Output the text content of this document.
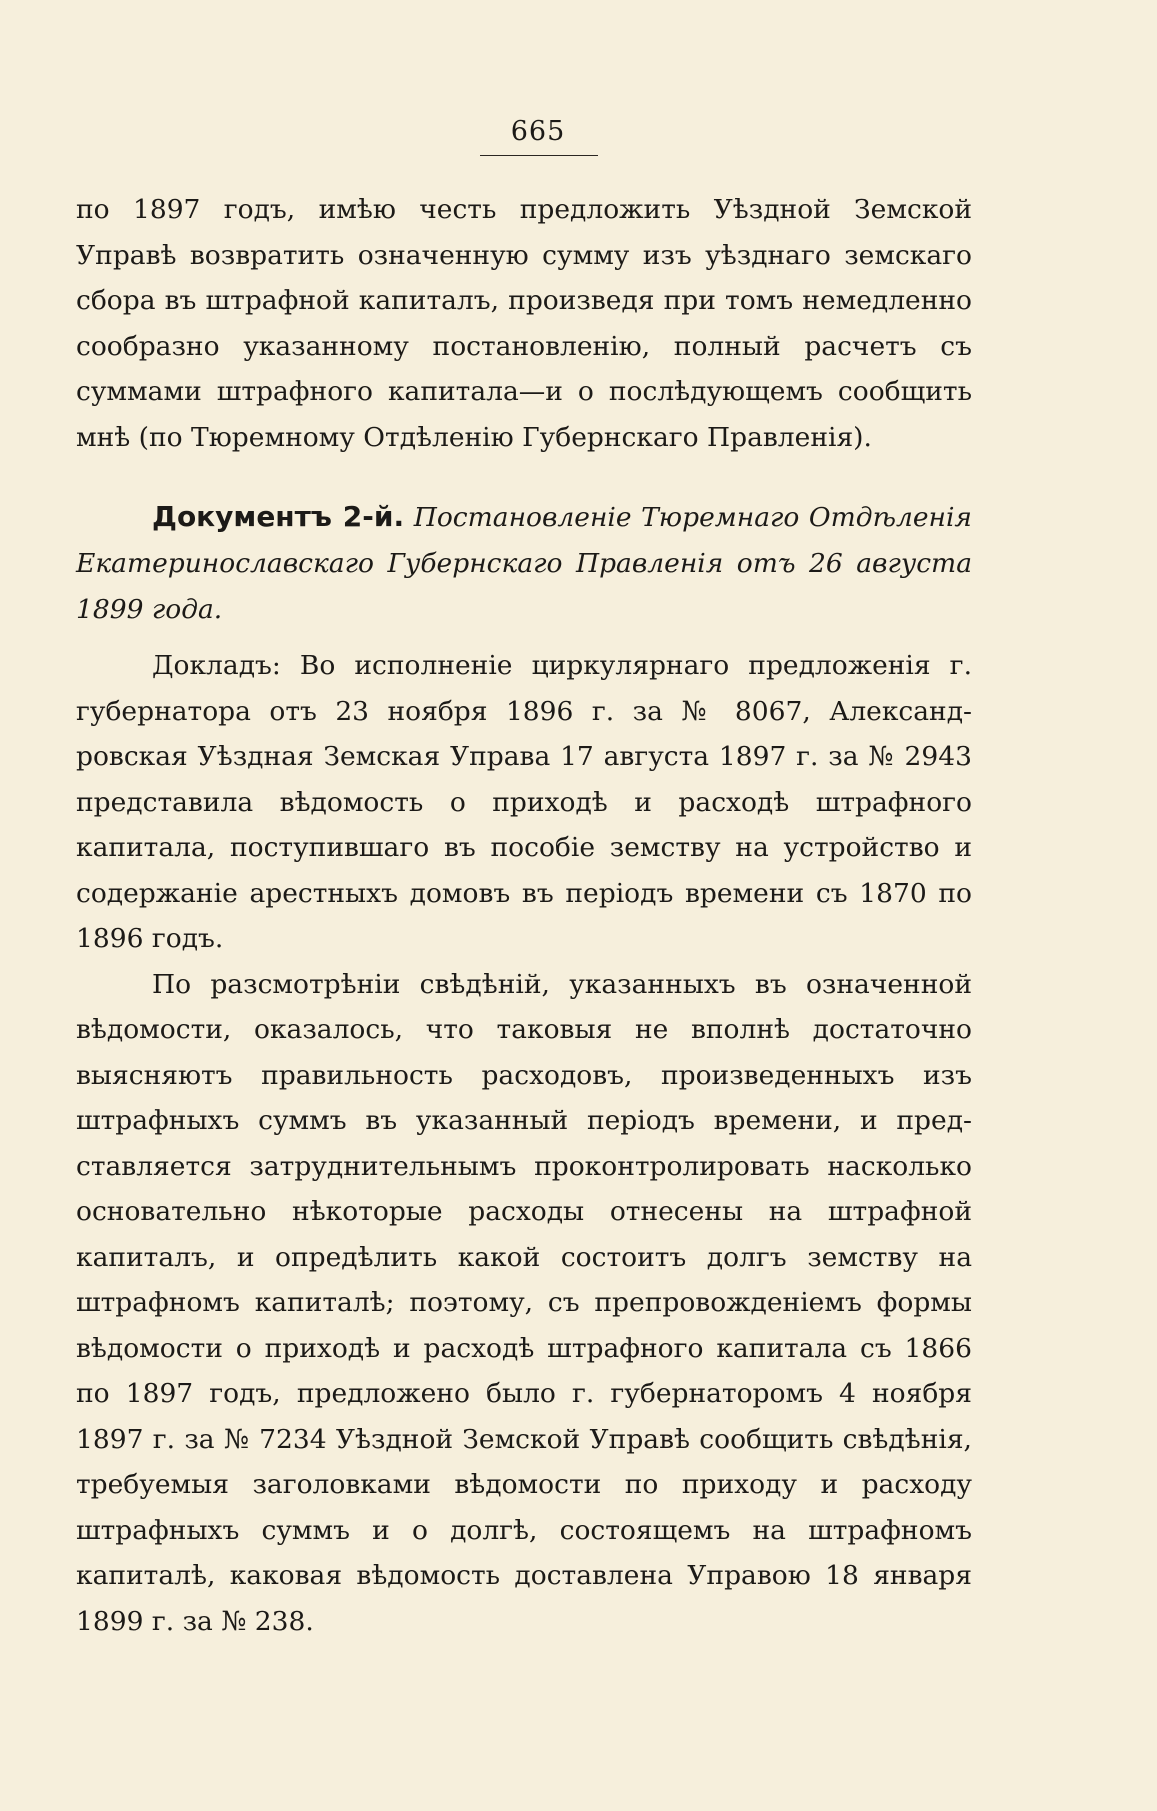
665

по 1897 годъ, имѣю честь предложить Уѣздной Земской Управѣ возвратить означенную сумму изъ уѣзднаго земскаго сбора въ штрафной капиталъ, произведя при томъ немедленно сообразно указанному постановленію, полный расчетъ съ суммами штрафного капитала—и о послѣдующемъ сообщить мнѣ (по Тюремному Отдѣленію Губернскаго Правленія).

Документъ 2-й. Постановленіе Тюремнаго Отдѣленія Екатеринославскаго Губернскаго Правленія отъ 26 августа 1899 года.

Докладъ: Во исполненіе циркулярнаго предложенія г. губернатора отъ 23 ноября 1896 г. за № 8067, Александровская Уѣздная Земская Управа 17 августа 1897 г. за № 2943 представила вѣдомость о приходѣ и расходѣ штрафного капитала, поступившаго въ пособіе земству на устройство и содержаніе арестныхъ домовъ въ періодъ времени съ 1870 по 1896 годъ.

По разсмотрѣніи свѣдѣній, указанныхъ въ означенной вѣдомости, оказалось, что таковыя не вполнѣ достаточно выясняютъ правильность расходовъ, произведенныхъ изъ штрафныхъ суммъ въ указанный періодъ времени, и представляется затруднительнымъ проконтролировать насколько основательно нѣкоторые расходы отнесены на штрафной капиталъ, и опредѣлить какой состоитъ долгъ земству на штрафномъ капиталѣ; поэтому, съ препровожденіемъ формы вѣдомости о приходѣ и расходѣ штрафного капитала съ 1866 по 1897 годъ, предложено было г. губернаторомъ 4 ноября 1897 г. за № 7234 Уѣздной Земской Управѣ сообщить свѣдѣнія, требуемыя заголовками вѣдомости по приходу и расходу штрафныхъ суммъ и о долгѣ, состоящемъ на штрафномъ капиталѣ, каковая вѣдомость доставлена Управою 18 января 1899 г. за № 238.
